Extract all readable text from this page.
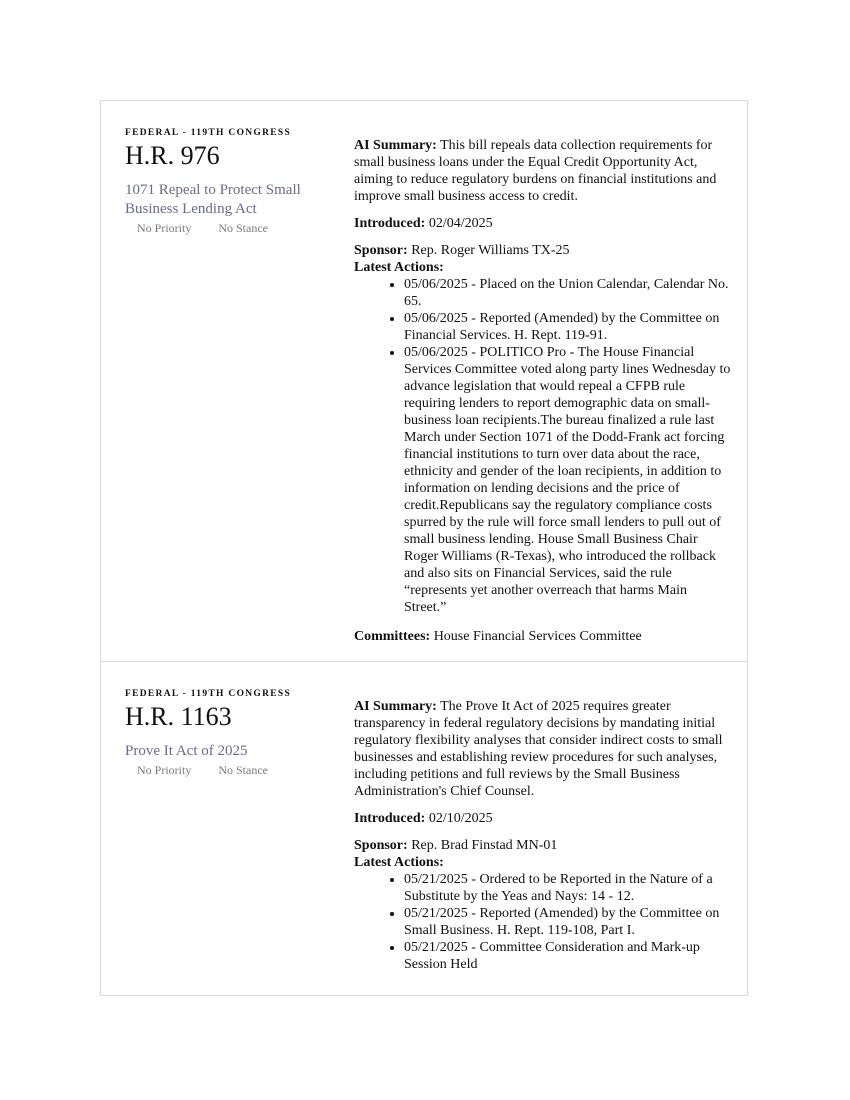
FEDERAL - 119TH CONGRESS
H.R. 976
1071 Repeal to Protect Small Business Lending Act
No Priority No Stance

AI Summary: This bill repeals data collection requirements for small business loans under the Equal Credit Opportunity Act, aiming to reduce regulatory burdens on financial institutions and improve small business access to credit.

Introduced: 02/04/2025

Sponsor: Rep. Roger Williams TX-25

Latest Actions:
• 05/06/2025 - Placed on the Union Calendar, Calendar No. 65.
• 05/06/2025 - Reported (Amended) by the Committee on Financial Services. H. Rept. 119-91.
• 05/06/2025 - POLITICO Pro - The House Financial Services Committee voted along party lines Wednesday to advance legislation that would repeal a CFPB rule requiring lenders to report demographic data on small-business loan recipients.The bureau finalized a rule last March under Section 1071 of the Dodd-Frank act forcing financial institutions to turn over data about the race, ethnicity and gender of the loan recipients, in addition to information on lending decisions and the price of credit.Republicans say the regulatory compliance costs spurred by the rule will force small lenders to pull out of small business lending. House Small Business Chair Roger Williams (R-Texas), who introduced the rollback and also sits on Financial Services, said the rule “represents yet another overreach that harms Main Street.”

Committees: House Financial Services Committee

FEDERAL - 119TH CONGRESS
H.R. 1163
Prove It Act of 2025
No Priority No Stance

AI Summary: The Prove It Act of 2025 requires greater transparency in federal regulatory decisions by mandating initial regulatory flexibility analyses that consider indirect costs to small businesses and establishing review procedures for such analyses, including petitions and full reviews by the Small Business Administration's Chief Counsel.

Introduced: 02/10/2025

Sponsor: Rep. Brad Finstad MN-01

Latest Actions:
• 05/21/2025 - Ordered to be Reported in the Nature of a Substitute by the Yeas and Nays: 14 - 12.
• 05/21/2025 - Reported (Amended) by the Committee on Small Business. H. Rept. 119-108, Part I.
• 05/21/2025 - Committee Consideration and Mark-up Session Held
